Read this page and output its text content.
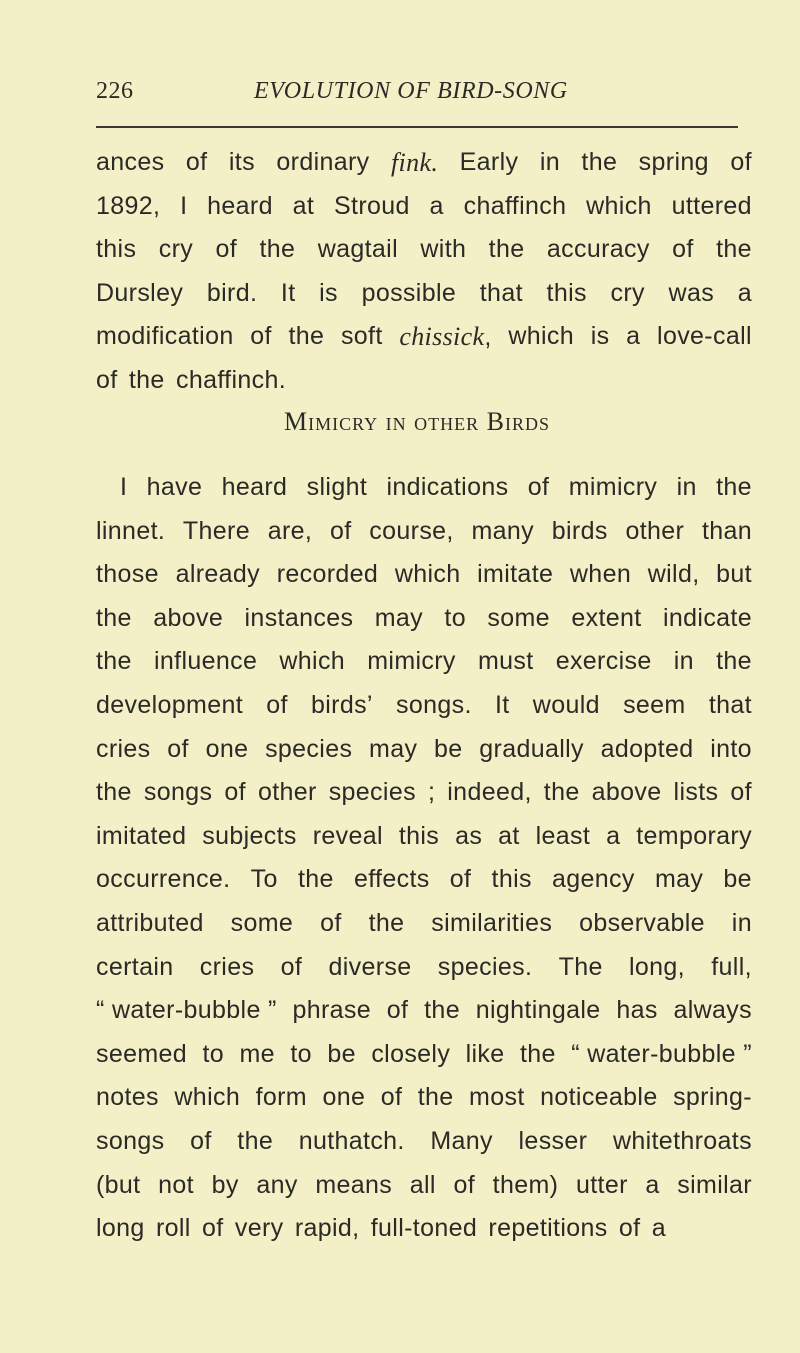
226	EVOLUTION OF BIRD-SONG
ances of its ordinary fink. Early in the spring of
1892, I heard at Stroud a chaffinch which uttered
this cry of the wagtail with the accuracy of the
Dursley bird. It is possible that this cry was a
modification of the soft chissick, which is a love-call
of
the
chaffinch.
Mimicry in other Birds
I have heard slight indications of mimicry in the
linnet. There are, of course, many birds other than
those already recorded which imitate when wild, but
the above instances may to some extent indicate
the influence which mimicry must exercise in the
development of birds’ songs. It would seem that
cries of one species may be gradually adopted into
the songs of other species ; indeed, the above lists of
imitated subjects reveal this as at least a temporary
occurrence. To the effects of this agency may be
attributed some of the similarities observable in
certain cries of diverse species. The long, full,
“ water-bubble ” phrase of the nightingale has always
seemed to me to be closely like the “ water-bubble ”
notes which form one of the most noticeable spring-
songs of the nuthatch. Many lesser whitethroats
(but not by any means all of them) utter a similar
long
roll
of
very
rapid,
full-toned
repetitions
of
a
